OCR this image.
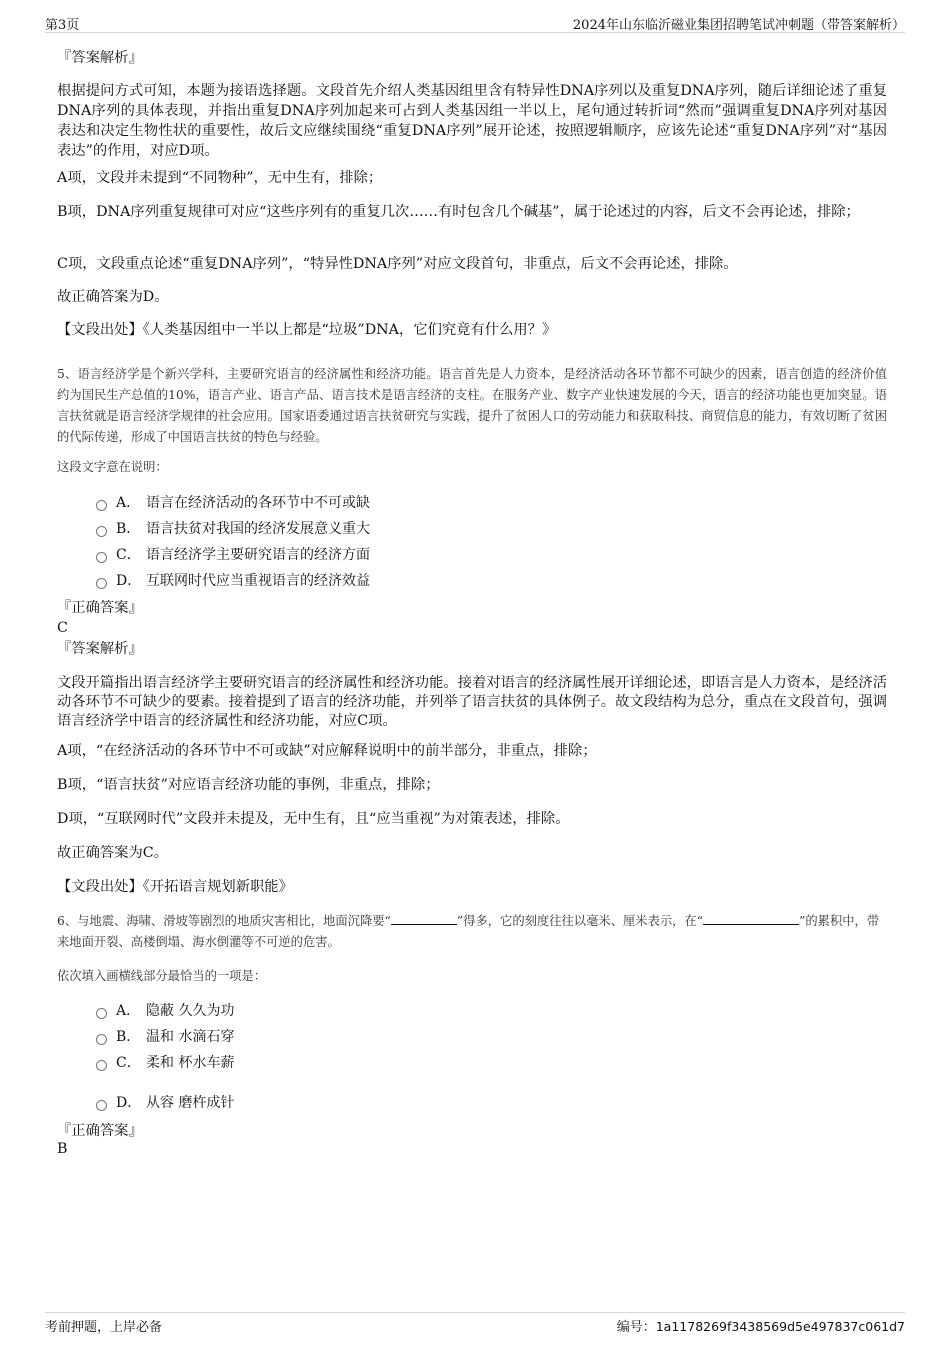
第3页	2024年山东临沂磁业集团招聘笔试冲刺题（带答案解析）
『答案解析』
根据提问方式可知，本题为接语选择题。文段首先介绍人类基因组里含有特异性DNA序列以及重复DNA序列，随后详细论述了重复DNA序列的具体表现，并指出重复DNA序列加起来可占到人类基因组一半以上，尾句通过转折词“然而”强调重复DNA序列对基因表达和决定生物性状的重要性，故后文应继续围绕“重复DNA序列”展开论述，按照逻辑顺序，应该先论述“重复DNA序列”对“基因表达”的作用，对应D项。
A项，文段并未提到“不同物种”，无中生有，排除；
B项，DNA序列重复规律可对应“这些序列有的重复几次……有时包含几个碱基”，属于论述过的内容，后文不会再论述，排除；
C项，文段重点论述“重复DNA序列”，“特异性DNA序列”对应文段首句，非重点，后文不会再论述，排除。
故正确答案为D。
【文段出处】《人类基因组中一半以上都是“垃圾”DNA，它们究竟有什么用？》
5、语言经济学是个新兴学科，主要研究语言的经济属性和经济功能。语言首先是人力资本，是经济活动各环节都不可缺少的因素，语言创造的经济价值约为国民生产总值的10%，语言产业、语言产品、语言技术是语言经济的支柱。在服务产业、数字产业快速发展的今天，语言的经济功能也更加突显。语言扶贫就是语言经济学规律的社会应用。国家语委通过语言扶贫研究与实践，提升了贫困人口的劳动能力和获取科技、商贸信息的能力，有效切断了贫困的代际传递，形成了中国语言扶贫的特色与经验。
这段文字意在说明：
A． 语言在经济活动的各环节中不可或缺
B． 语言扶贫对我国的经济发展意义重大
C． 语言经济学主要研究语言的经济方面
D． 互联网时代应当重视语言的经济效益
『正确答案』
C
『答案解析』
文段开篇指出语言经济学主要研究语言的经济属性和经济功能。接着对语言的经济属性展开详细论述，即语言是人力资本，是经济活动各环节不可缺少的要素。接着提到了语言的经济功能，并列举了语言扶贫的具体例子。故文段结构为总分，重点在文段首句，强调语言经济学中语言的经济属性和经济功能，对应C项。
A项，“在经济活动的各环节中不可或缺”对应解释说明中的前半部分，非重点，排除；
B项，“语言扶贫”对应语言经济功能的事例，非重点，排除；
D项，“互联网时代”文段并未提及，无中生有，且“应当重视”为对策表述，排除。
故正确答案为C。
【文段出处】《开拓语言规划新职能》
6、与地震、海啸、滑坡等剧烈的地质灾害相比，地面沉降要“	”得多，它的刻度往往以毫米、厘米表示，在“	”的累积中，带来地面开裂、高楼倒塌、海水倒灌等不可逆的危害。
依次填入画横线部分最恰当的一项是：
A． 隐蔽 久久为功
B． 温和 水滴石穿
C． 柔和 杯水车薪
D． 从容 磨杵成针
『正确答案』
B
考前押题，上岸必备	编号：1a1178269f3438569d5e497837c061d7
